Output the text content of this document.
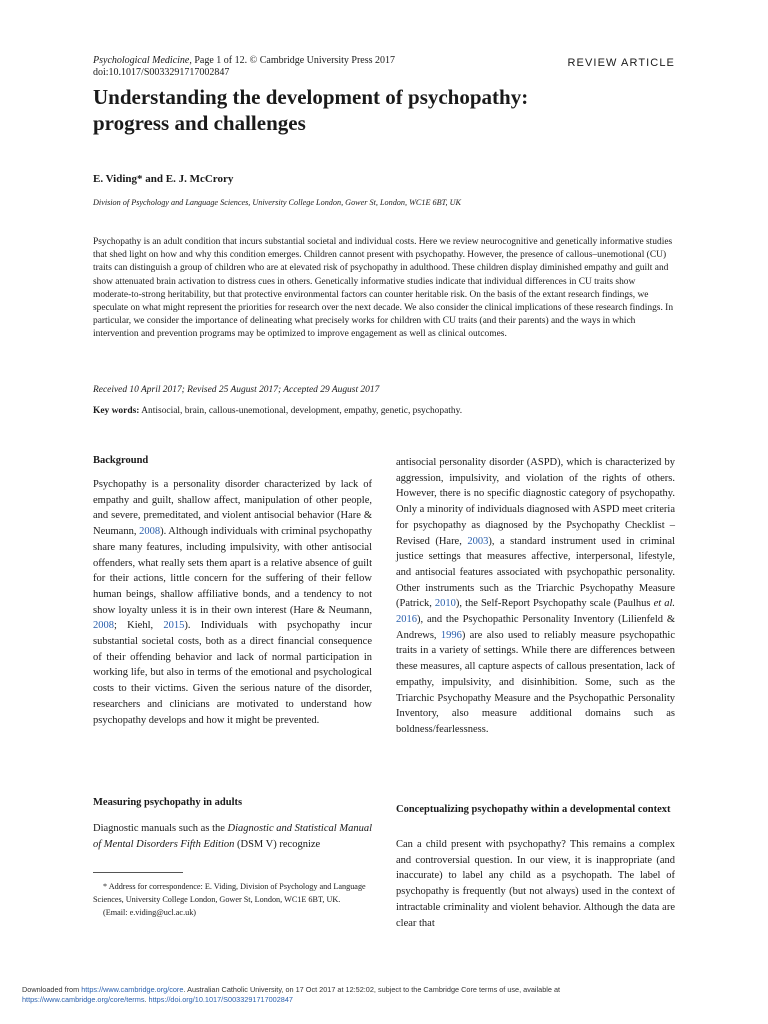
Psychological Medicine, Page 1 of 12. © Cambridge University Press 2017
doi:10.1017/S0033291717002847
REVIEW ARTICLE
Understanding the development of psychopathy:
progress and challenges
E. Viding* and E. J. McCrory
Division of Psychology and Language Sciences, University College London, Gower St, London, WC1E 6BT, UK
Psychopathy is an adult condition that incurs substantial societal and individual costs. Here we review neurocognitive and genetically informative studies that shed light on how and why this condition emerges. Children cannot present with psychopathy. However, the presence of callous–unemotional (CU) traits can distinguish a group of children who are at elevated risk of psychopathy in adulthood. These children display diminished empathy and guilt and show attenuated brain activation to distress cues in others. Genetically informative studies indicate that individual differences in CU traits show moderate-to-strong heritability, but that protective environmental factors can counter heritable risk. On the basis of the extant research findings, we speculate on what might represent the priorities for research over the next decade. We also consider the clinical implications of these research findings. In particular, we consider the importance of delineating what precisely works for children with CU traits (and their parents) and the ways in which intervention and prevention programs may be optimized to improve engagement as well as clinical outcomes.
Received 10 April 2017; Revised 25 August 2017; Accepted 29 August 2017
Key words: Antisocial, brain, callous-unemotional, development, empathy, genetic, psychopathy.
Background

Psychopathy is a personality disorder characterized by lack of empathy and guilt, shallow affect, manipulation of other people, and severe, premeditated, and violent antisocial behavior (Hare & Neumann, 2008). Although individuals with criminal psychopathy share many features, including impulsivity, with other antisocial offenders, what really sets them apart is a relative absence of guilt for their actions, little concern for the suffering of their fellow human beings, shallow affiliative bonds, and a tendency to not show loyalty unless it is in their own interest (Hare & Neumann, 2008; Kiehl, 2015). Individuals with psychopathy incur substantial societal costs, both as a direct financial consequence of their offending behavior and lack of normal participation in working life, but also in terms of the emotional and psychological costs to their victims. Given the serious nature of the disorder, researchers and clinicians are motivated to understand how psychopathy develops and how it might be prevented.

Measuring psychopathy in adults

Diagnostic manuals such as the Diagnostic and Statistical Manual of Mental Disorders Fifth Edition (DSM V) recognize

* Address for correspondence: E. Viding, Division of Psychology and Language Sciences, University College London, Gower St, London, WC1E 6BT, UK.
(Email: e.viding@ucl.ac.uk)

antisocial personality disorder (ASPD), which is characterized by aggression, impulsivity, and violation of the rights of others. However, there is no specific diagnostic category of psychopathy. Only a minority of individuals diagnosed with ASPD meet criteria for psychopathy as diagnosed by the Psychopathy Checklist – Revised (Hare, 2003), a standard instrument used in criminal justice settings that measures affective, interpersonal, lifestyle, and antisocial features associated with psychopathic personality. Other instruments such as the Triarchic Psychopathy Measure (Patrick, 2010), the Self-Report Psychopathy scale (Paulhus et al. 2016), and the Psychopathic Personality Inventory (Lilienfeld & Andrews, 1996) are also used to reliably measure psychopathic traits in a variety of settings. While there are differences between these measures, all capture aspects of callous presentation, lack of empathy, impulsivity, and disinhibition. Some, such as the Triarchic Psychopathy Measure and the Psychopathic Personality Inventory, also measure additional domains such as boldness/fearlessness.

Conceptualizing psychopathy within a developmental context
Can a child present with psychopathy? This remains a complex and controversial question. In our view, it is inappropriate (and inaccurate) to label any child as a psychopath. The label of psychopathy is frequently (but not always) used in the context of intractable criminality and violent behavior. Although the data are clear that
Downloaded from https://www.cambridge.org/core. Australian Catholic University, on 17 Oct 2017 at 12:52:02, subject to the Cambridge Core terms of use, available at
https://www.cambridge.org/core/terms. https://doi.org/10.1017/S0033291717002847
